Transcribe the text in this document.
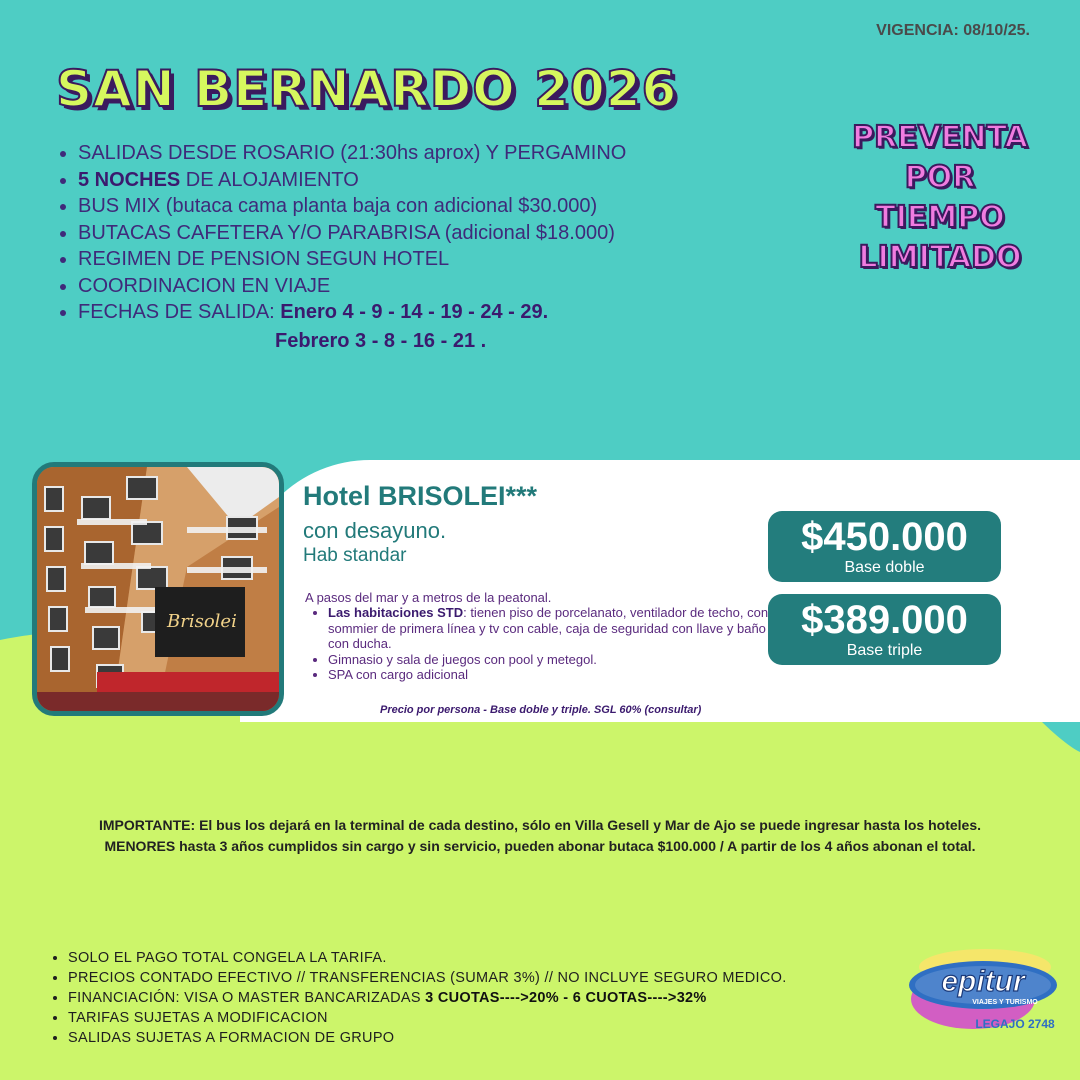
VIGENCIA: 08/10/25.
SAN BERNARDO 2026
• SALIDAS DESDE ROSARIO (21:30hs aprox) Y PERGAMINO
• 5 NOCHES DE ALOJAMIENTO
• BUS MIX (butaca cama planta baja con adicional $30.000)
• BUTACAS CAFETERA Y/O PARABRISA (adicional $18.000)
• REGIMEN DE PENSION SEGUN HOTEL
• COORDINACION EN VIAJE
• FECHAS DE SALIDA: Enero 4 - 9 - 14 - 19 - 24 - 29.
Febrero 3 - 8 - 16 - 21 .
PREVENTA
POR
TIEMPO
LIMITADO
Brisolei
Hotel BRISOLEI***
con desayuno.
Hab standar
A pasos del mar y a metros de la peatonal.
• Las habitaciones STD: tienen piso de porcelanato, ventilador de techo, con sommier de primera línea y tv con cable, caja de seguridad con llave y baño con ducha.
• Gimnasio y sala de juegos con pool y metegol.
• SPA con cargo adicional
Precio por persona - Base doble y triple. SGL 60% (consultar)
$450.000
Base doble
$389.000
Base triple
IMPORTANTE: El bus los dejará en la terminal de cada destino, sólo en Villa Gesell y Mar de Ajo se puede ingresar hasta los hoteles.
MENORES hasta 3 años cumplidos sin cargo y sin servicio, pueden abonar butaca $100.000 / A partir de los 4 años abonan el total.
• SOLO EL PAGO TOTAL CONGELA LA TARIFA.
• PRECIOS CONTADO EFECTIVO // TRANSFERENCIAS (SUMAR 3%) // NO INCLUYE SEGURO MEDICO.
• FINANCIACIÓN: VISA O MASTER BANCARIZADAS 3 CUOTAS---->20% - 6 CUOTAS---->32%
• TARIFAS SUJETAS A MODIFICACION
• SALIDAS SUJETAS A FORMACION DE GRUPO
epitur
VIAJES Y TURISMO
LEGAJO 2748
